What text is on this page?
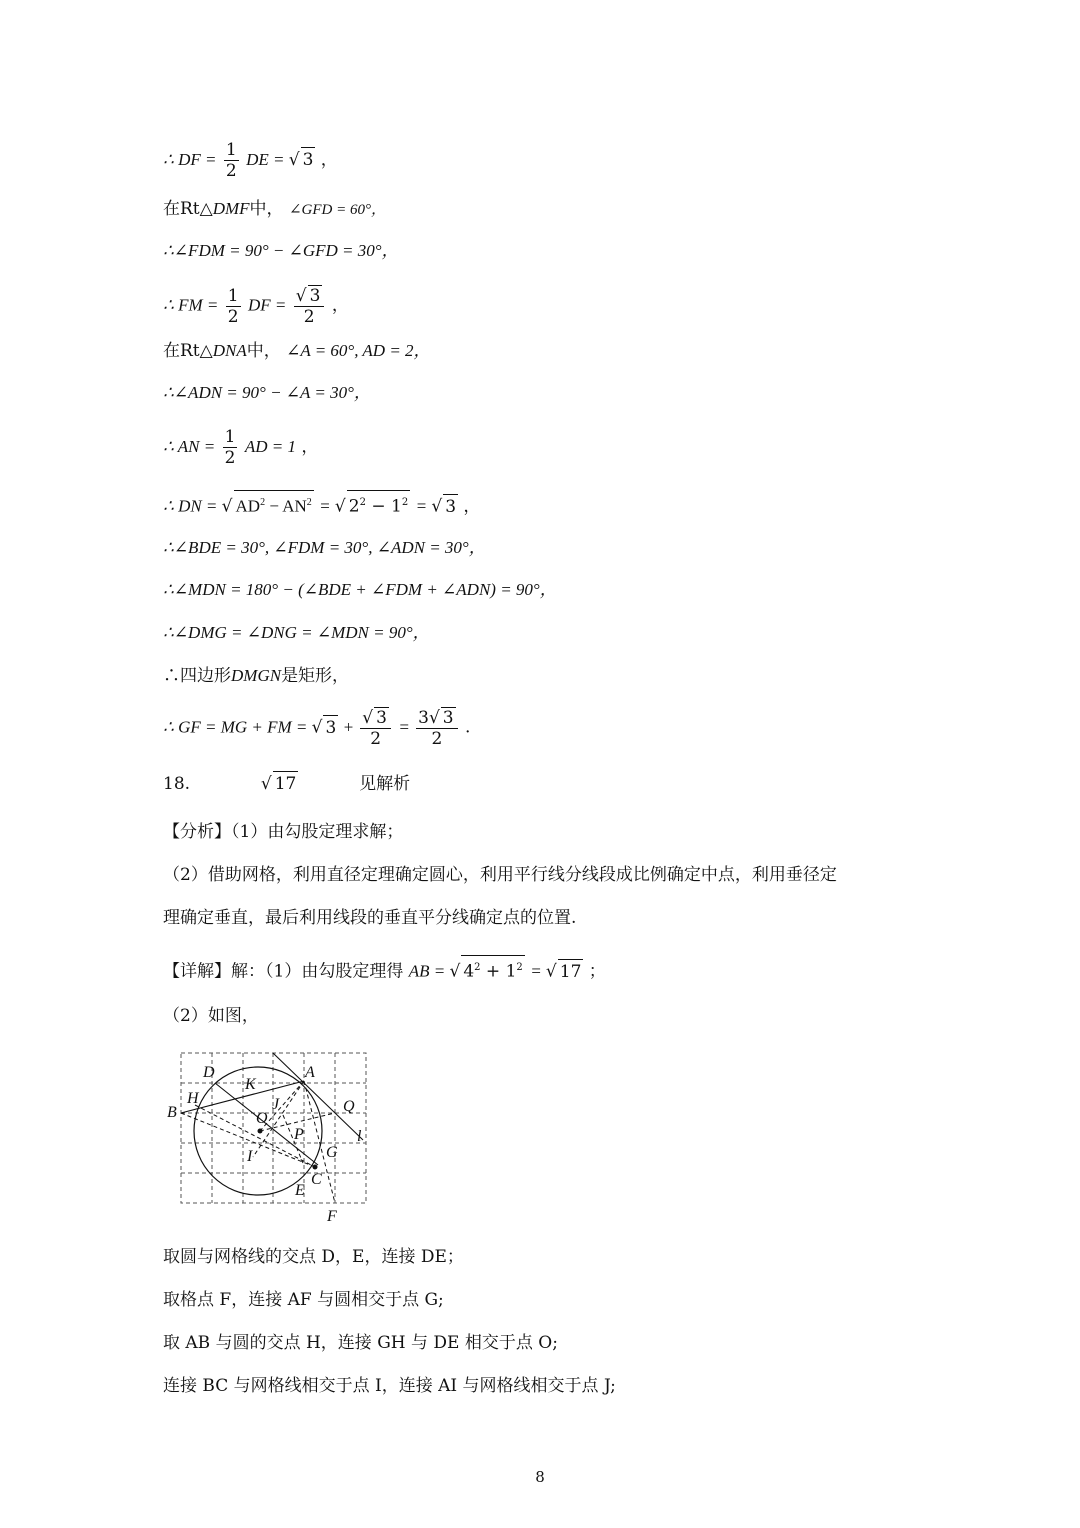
∴ DF = $\frac{1}{2}$ DE = √ 3 ，
在Rt△DMF中， ∠GFD = 60°，
∴∠FDM = 90° − ∠GFD = 30°，
∴ FM = $\frac{1}{2}$ DF = $\frac{√ 3}{2}$ ，
在Rt△DNA中， ∠A = 60°, AD = 2，
∴∠ADN = 90° − ∠A = 30°，
∴ AN = $\frac{1}{2}$ AD = 1 ，
∴ DN = √ $AD^2 - AN^2$ = √ $2^2 - 1^2$ = √ 3 ，
∴∠BDE = 30°, ∠FDM = 30°, ∠ADN = 30°，
∴∠MDN = 180° − (∠BDE + ∠FDM + ∠ADN) = 90°，
∴∠DMG = ∠DNG = ∠MDN = 90°，
∴四边形DMGN是矩形，
∴ GF = MG + FM = √ $3 + \frac{√ 3}{2} = \frac{3√ 3}{2}$ .
18.	√ 17	见解析
【分析】（1）由勾股定理求解；
（2）借助网格，利用直径定理确定圆心，利用平行线分线段成比例确定中点，利用垂径定
理确定垂直，最后利用线段的垂直平分线确定点的位置.
【详解】解：（1）由勾股定理得 AB = √ $4^2 + 1^2$ = √ 17 ；
（2）如图，
D
K
A
H
B	J	Q
O
P	l
I	G
C
E
F
取圆与网格线的交点 D，E，连接 DE；
取格点 F，连接 AF 与圆相交于点 G;
取 AB 与圆的交点 H，连接 GH 与 DE 相交于点 O;
连接 BC 与网格线相交于点 I，连接 AI 与网格线相交于点 J;
8
